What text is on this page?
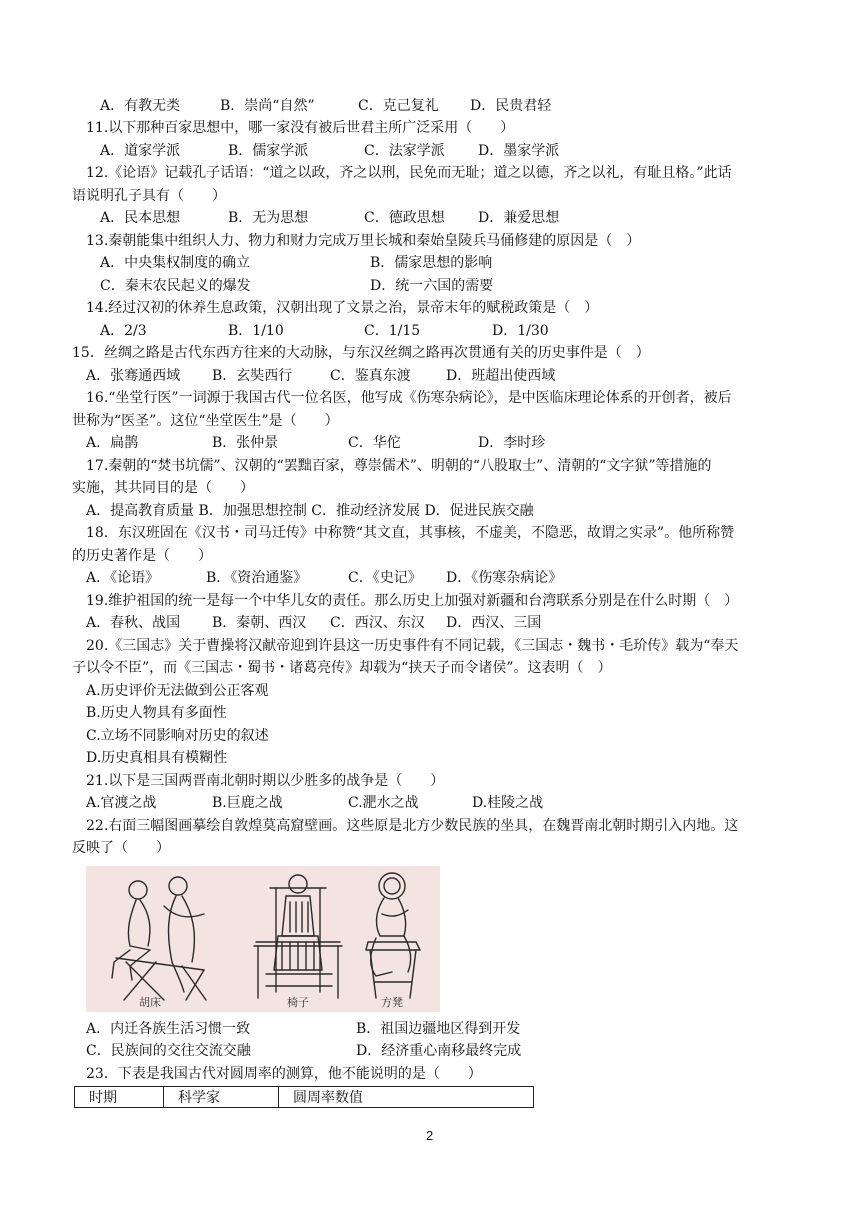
A．有教无类	B．崇尚“自然”	C．克己复礼 D．民贵君轻
11.以下那种百家思想中，哪一家没有被后世君主所广泛采用（　　）
A．道家学派	B．儒家学派	C．法家学派 D．墨家学派
12.《论语》记载孔子话语：“道之以政，齐之以刑，民免而无耻；道之以德，齐之以礼，有耻且格。”此话
语说明孔子具有（　　）
A．民本思想	B．无为思想	C．德政思想 D．兼爱思想
13.秦朝能集中组织人力、物力和财力完成万里长城和秦始皇陵兵马俑修建的原因是（　）
A．中央集权制度的确立	B．儒家思想的影响
C．秦末农民起义的爆发	D．统一六国的需要
14.经过汉初的休养生息政策，汉朝出现了文景之治，景帝末年的赋税政策是（　）
A．2/3	B．1/10	C．1/15	D．1/30
15．丝绸之路是古代东西方往来的大动脉，与东汉丝绸之路再次贯通有关的历史事件是（　）
A．张骞通西域 B．玄奘西行	C．鉴真东渡	D．班超出使西域
16.“坐堂行医”一词源于我国古代一位名医，他写成《伤寒杂病论》，是中医临床理论体系的开创者，被后
世称为“医圣”。这位“坐堂医生”是（　　）
A．扁鹊	B．张仲景	C．华佗	D．李时珍
17.秦朝的“焚书坑儒”、汉朝的“罢黜百家，尊崇儒术”、明朝的“八股取士”、清朝的“文字狱”等措施的
实施，其共同目的是（　　）
A．提高教育质量 B．加强思想控制 C．推动经济发展 D．促进民族交融
18．东汉班固在《汉书・司马迁传》中称赞“其文直，其事核，不虚美，不隐恶，故谓之实录”。他所称赞
的历史著作是（　　）
A．《论语》	B．《资治通鉴》	C．《史记》 D．《伤寒杂病论》
19.维护祖国的统一是每一个中华儿女的责任。那么历史上加强对新疆和台湾联系分别是在什么时期（　）
A．春秋、战国 B．秦朝、西汉 C．西汉、东汉 D．西汉、三国
20.《三国志》关于曹操将汉献帝迎到许县这一历史事件有不同记载，《三国志・魏书・毛玠传》载为“奉天
子以令不臣”，而《三国志・蜀书・诸葛亮传》却载为“挟天子而令诸侯”。这表明（　）
A.历史评价无法做到公正客观
B.历史人物具有多面性
C.立场不同影响对历史的叙述
D.历史真相具有模糊性
21.以下是三国两晋南北朝时期以少胜多的战争是（　　）
A.官渡之战	B.巨鹿之战	C.淝水之战	D.桂陵之战
22.右面三幅图画摹绘自敦煌莫高窟壁画。这些原是北方少数民族的坐具，在魏晋南北朝时期引入内地。这
反映了（　　）
胡床	椅子	方凳
A．内迁各族生活习惯一致	B．祖国边疆地区得到开发
C．民族间的交往交流交融	D．经济重心南移最终完成
23．下表是我国古代对圆周率的测算，他不能说明的是（　　）
时期	科学家	圆周率数值
2
